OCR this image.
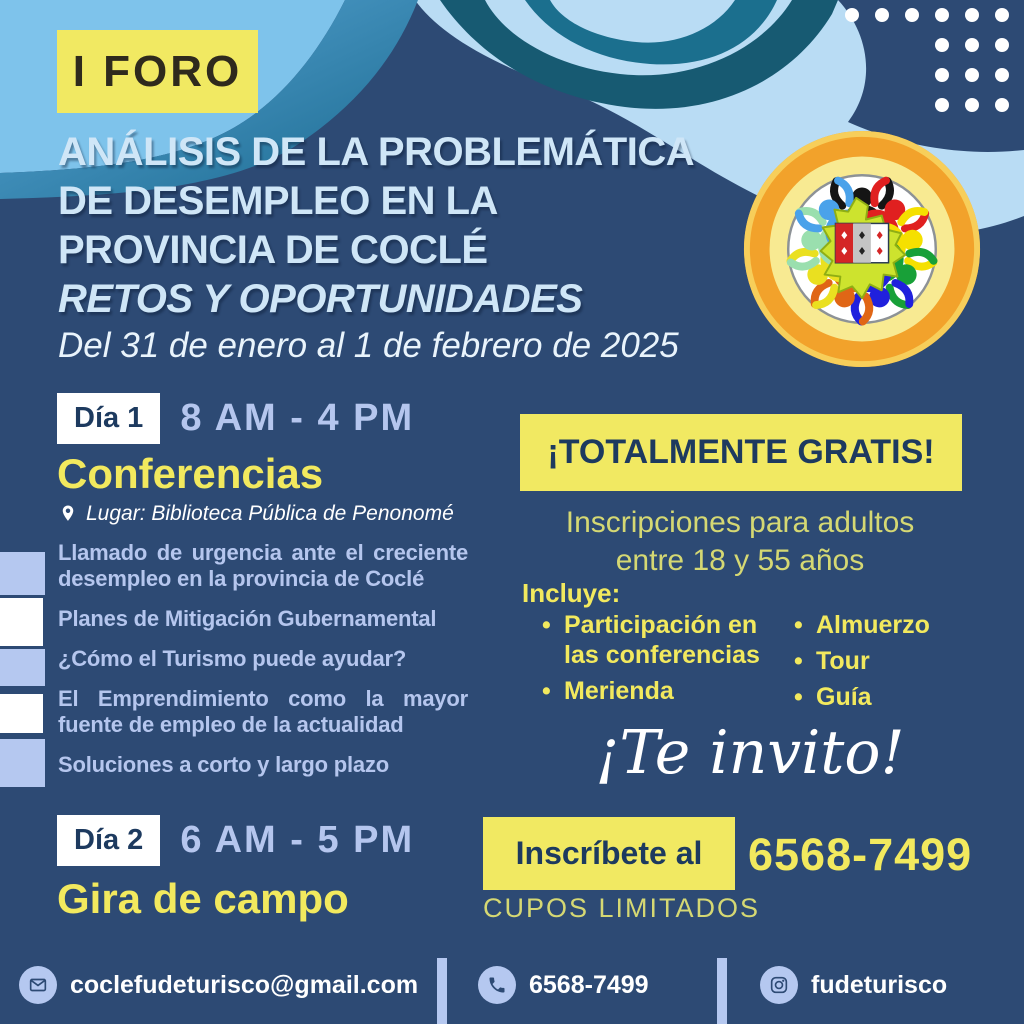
I FORO
ANÁLISIS DE LA PROBLEMÁTICA
DE DESEMPLEO EN LA
PROVINCIA DE COCLÉ
RETOS Y OPORTUNIDADES
Del 31 de enero al 1 de febrero de 2025
Día 1 8 AM - 4 PM
Conferencias
Lugar: Biblioteca Pública de Penonomé

Llamado de urgencia ante el creciente desempleo en la provincia de Coclé

Planes de Mitigación Gubernamental

¿Cómo el Turismo puede ayudar?

El Emprendimiento como la mayor fuente de empleo de la actualidad

Soluciones a corto y largo plazo

Día 2 6 AM - 5 PM
Gira de campo
¡TOTALMENTE GRATIS!
Inscripciones para adultos
entre 18 y 55 años
Incluye:
• Participación en las conferencias
• Merienda
• Almuerzo
• Tour
• Guía
¡Te invito!
Inscríbete al	6568-7499
CUPOS LIMITADOS
coclefudeturisco@gmail.com	6568-7499	fudeturisco
